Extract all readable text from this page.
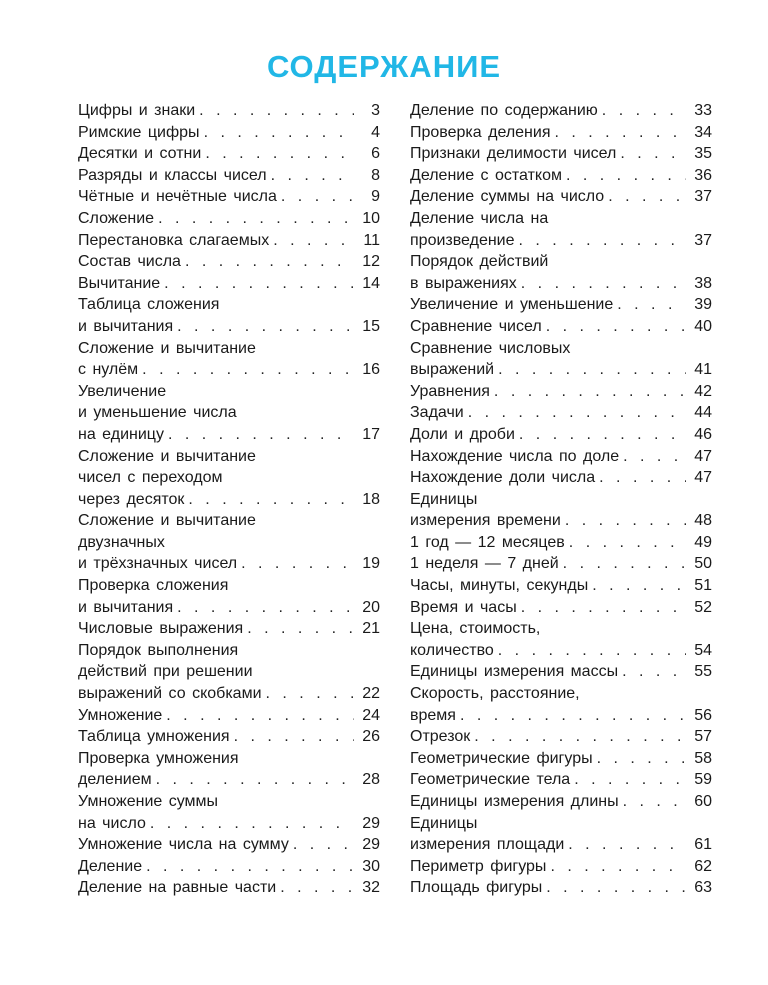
СОДЕРЖАНИЕ
Цифры и знаки . . .	3
Римские цифры . . .	4
Десятки и сотни . . .	6
Разряды и классы чисел . . .	8
Чётные и нечётные числа . . .	9
Сложение . . .	10
Перестановка слагаемых . . .	11
Состав числа . . .	12
Вычитание . . .	14
Таблица сложения
и вычитания . . .	15
Сложение и вычитание
с нулём . . .	16
Увеличение
и уменьшение числа
на единицу . . .	17
Сложение и вычитание
чисел с переходом
через десяток . . .	18
Сложение и вычитание
двузначных
и трёхзначных чисел . . .	19
Проверка сложения
и вычитания . . .	20
Числовые выражения . . .	21
Порядок выполнения
действий при решении
выражений со скобками . . .	22
Умножение . . .	24
Таблица умножения . . .	26
Проверка умножения
делением . . .	28
Умножение суммы
на число . . .	29
Умножение числа на сумму . . .	29
Деление . . .	30
Деление на равные части . . .	32
Деление по содержанию . . .	33
Проверка деления . . .	34
Признаки делимости чисел . . .	35
Деление с остатком . . .	36
Деление суммы на число . . .	37
Деление числа на
произведение . . .	37
Порядок действий
в выражениях . . .	38
Увеличение и уменьшение . . .	39
Сравнение чисел . . .	40
Сравнение числовых
выражений . . .	41
Уравнения . . .	42
Задачи . . .	44
Доли и дроби . . .	46
Нахождение числа по доле . . .	47
Нахождение доли числа . . .	47
Единицы
измерения времени . . .	48
1 год — 12 месяцев . . .	49
1 неделя — 7 дней . . .	50
Часы, минуты, секунды . . .	51
Время и часы . . .	52
Цена, стоимость,
количество . . .	54
Единицы измерения массы . . .	55
Скорость, расстояние,
время . . .	56
Отрезок . . .	57
Геометрические фигуры . . .	58
Геометрические тела . . .	59
Единицы измерения длины . . .	60
Единицы
измерения площади . . .	61
Периметр фигуры . . .	62
Площадь фигуры . . .	63
